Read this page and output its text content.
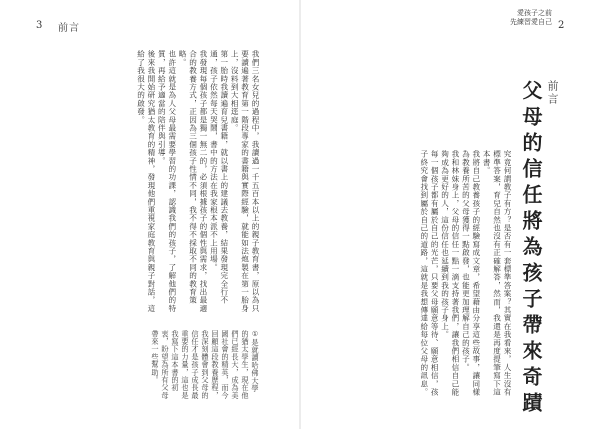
3 前言

我們三名女兒的過程中，我讀過一千五百本以上的親子教育書，原以為只要讀遍著教育第一階段專家的書籍與實際經驗，就能如法炮製在第一胎身上，沒料到大相逕庭。

第一胎時我讀遍育兒書籍，就以書上的建議去教養，結果發現完全行不通，孩子依然每天哭鬧，書中的方法在我家根本派不上用場。

我發現每個孩子都是獨一無二的，必須根據孩子的個性與需求，找出最適合的教養方式，正因為三個孩子性情不同，我不得不採取不同的教育策略。

也許這就是為人父母最需要學習的功課，認識我們的孩子，了解他們的特質，再給予適當的陪伴與引導。

後來我開始研究猶太教育的精神，發現他們重視家庭教育與親子對話，這給了我很大的啟發。

①是就讀哈佛大學的猶太學生，現在他們已經長大，成為美國社會的精英，而今回顧這段教養歷程，我深刻體會到父母的信任才是孩子成長最重要的力量，這也是我寫下這本書的初衷，盼望為所有父母帶來一些幫助。
2
愛孩子之前
先練習愛自己
前言
父母的信任將為孩子帶來奇蹟

究竟何謂教子有方？是否有一套標準答案？其實在我看來，人生沒有標準答案，育兒自然也沒有正確解答，然而，我還是再度提筆寫下這本書。

我將自己教養孩子的經驗寫成文章，希望藉由分享這些故事，讓同樣為教養所苦的父母獲得一點啟發，也能更加理解自己的孩子。

我和林妹身上，父母的信任一點一滴支持著我們，讓我們相信自己能夠成為更好的人，這份信任也延續到我的孩子身上。

每一個孩子都有屬於自己的光芒，只要父母願意等待、願意相信，孩子終究會找到屬於自己的道路，這就是我想傳達給每位父母的訊息。
